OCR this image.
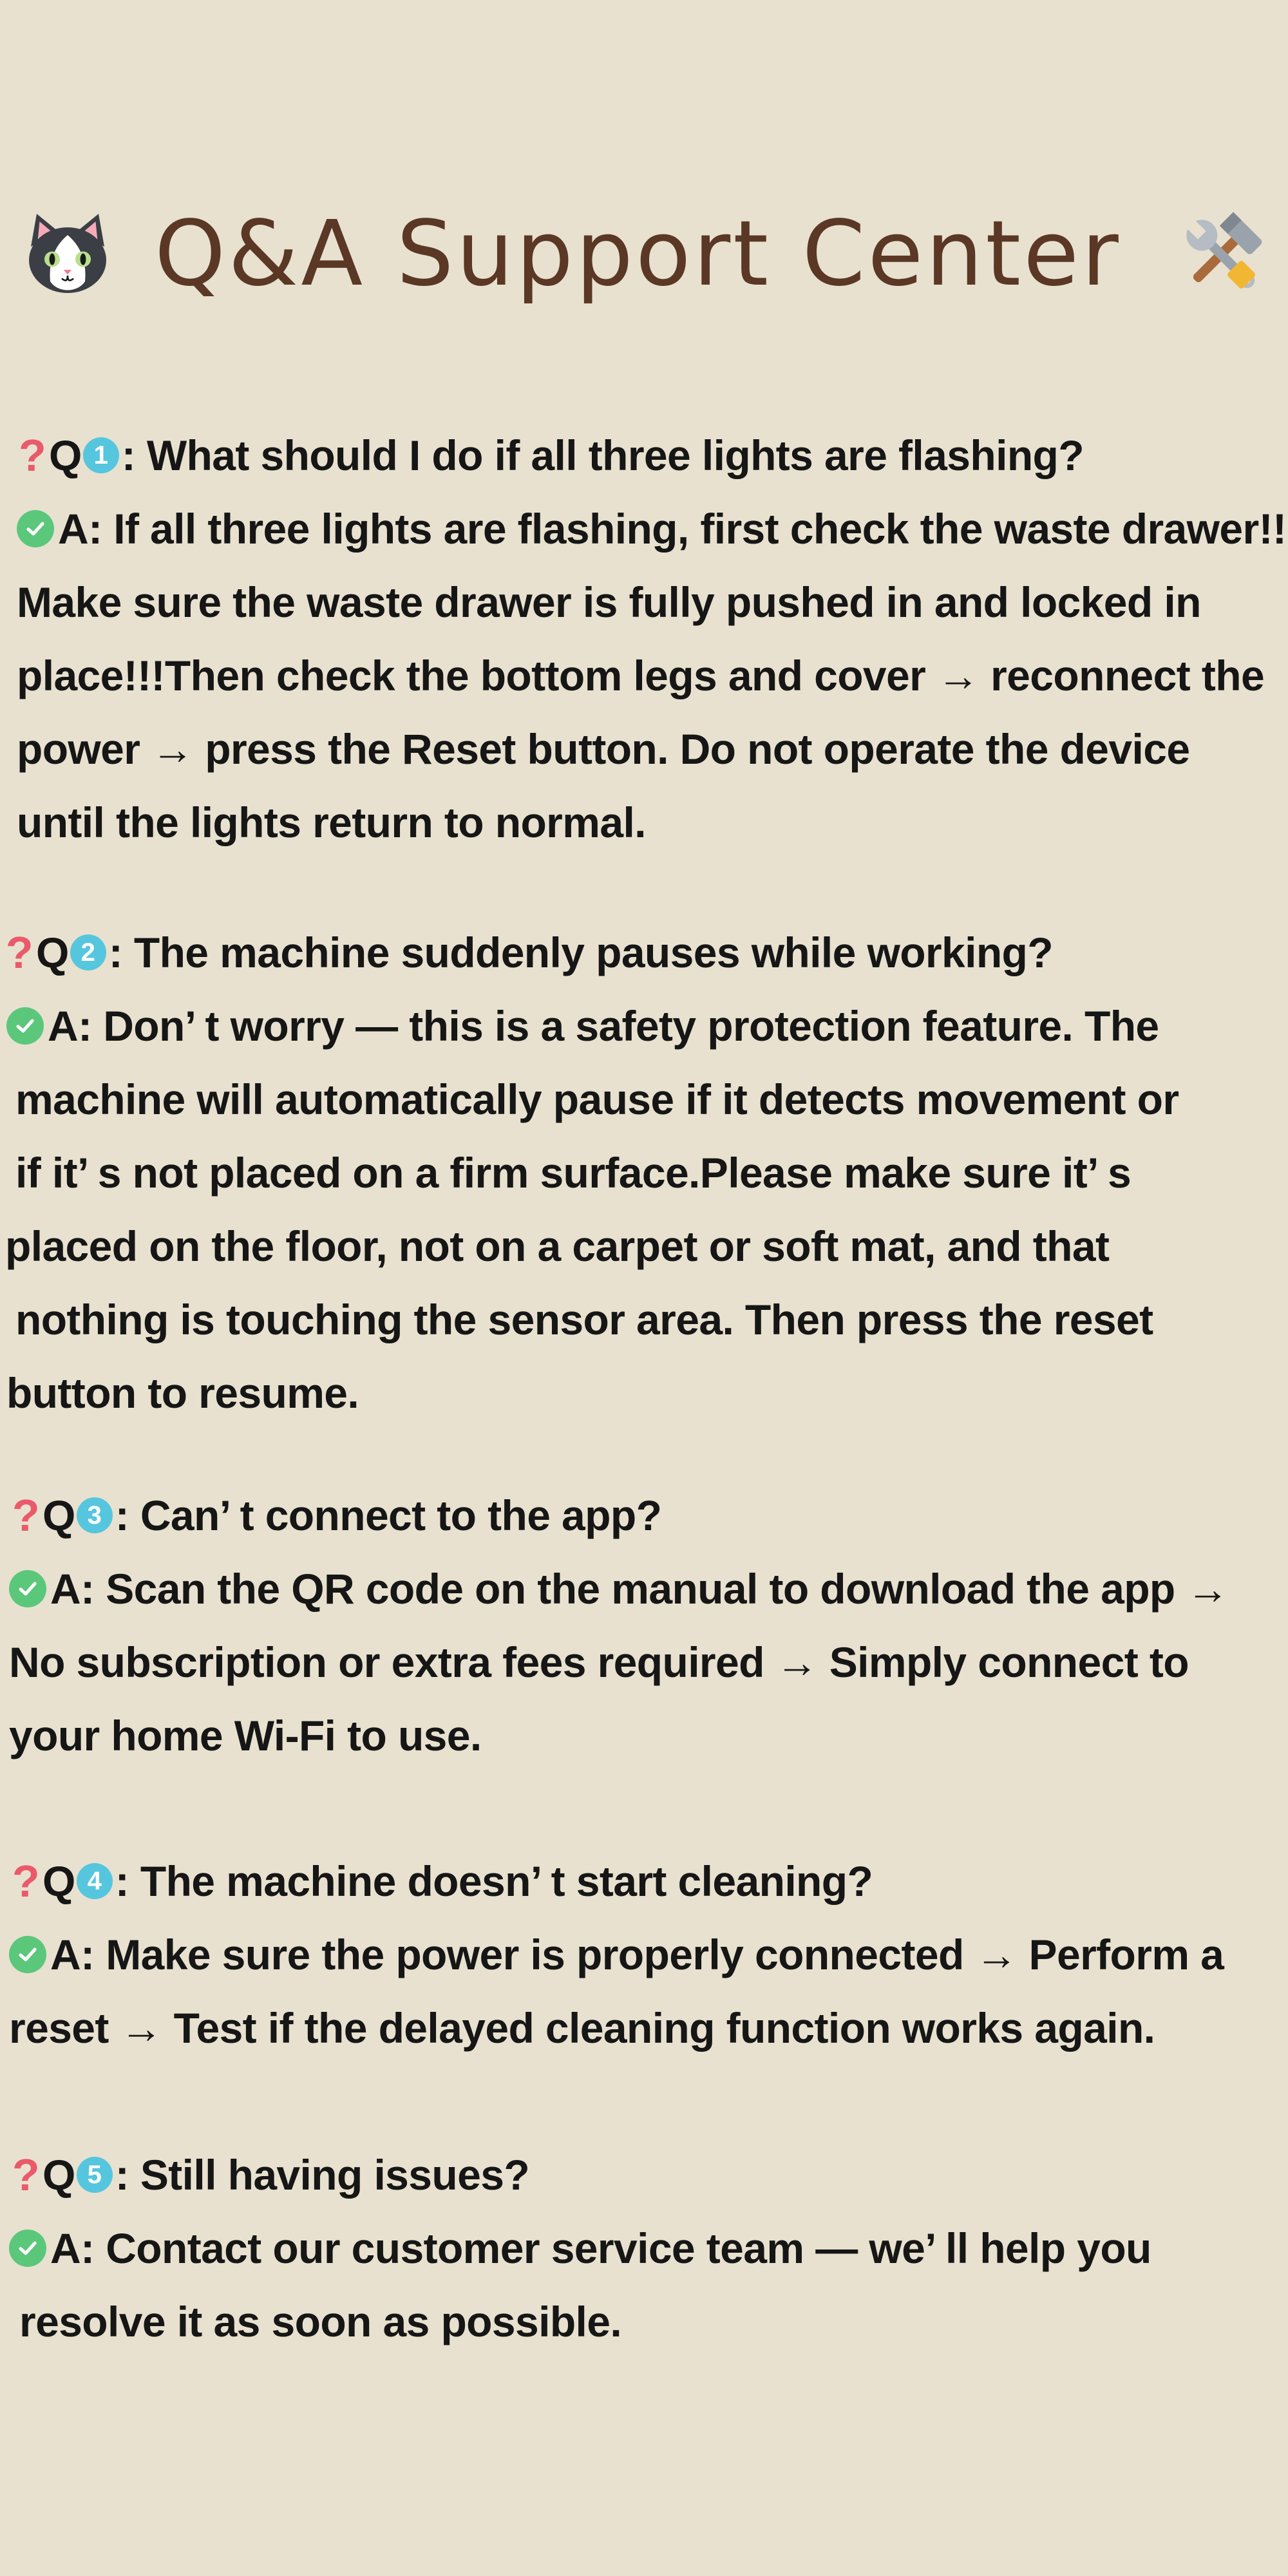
Q&A Support Center
? Q 1 : What should I do if all three lights are flashing?
A:
If all three lights are flashing, first check the waste drawer!!
Make sure the waste drawer is fully pushed in and locked in
place!!!Then check the bottom legs and cover → reconnect the
power → press the Reset button. Do not operate the device
until the lights return to normal.
? Q 2 : The machine suddenly pauses while working?
A:
Don’ t worry — this is a safety protection feature. The
machine will automatically pause if it detects movement or
if it’ s not placed on a firm surface.Please make sure it’ s
placed on the floor, not on a carpet or soft mat, and that
nothing is touching the sensor area. Then press the reset
button to resume.
? Q 3 : Can’ t connect to the app?
A:
Scan the QR code on the manual to download the app →
No subscription or extra fees required → Simply connect to
your home Wi-Fi to use.
? Q 4 : The machine doesn’ t start cleaning?
A:
Make sure the power is properly connected → Perform a
reset → Test if the delayed cleaning function works again.
? Q 5 : Still having issues?
A:
Contact our customer service team — we’ ll help you
resolve it as soon as possible.
